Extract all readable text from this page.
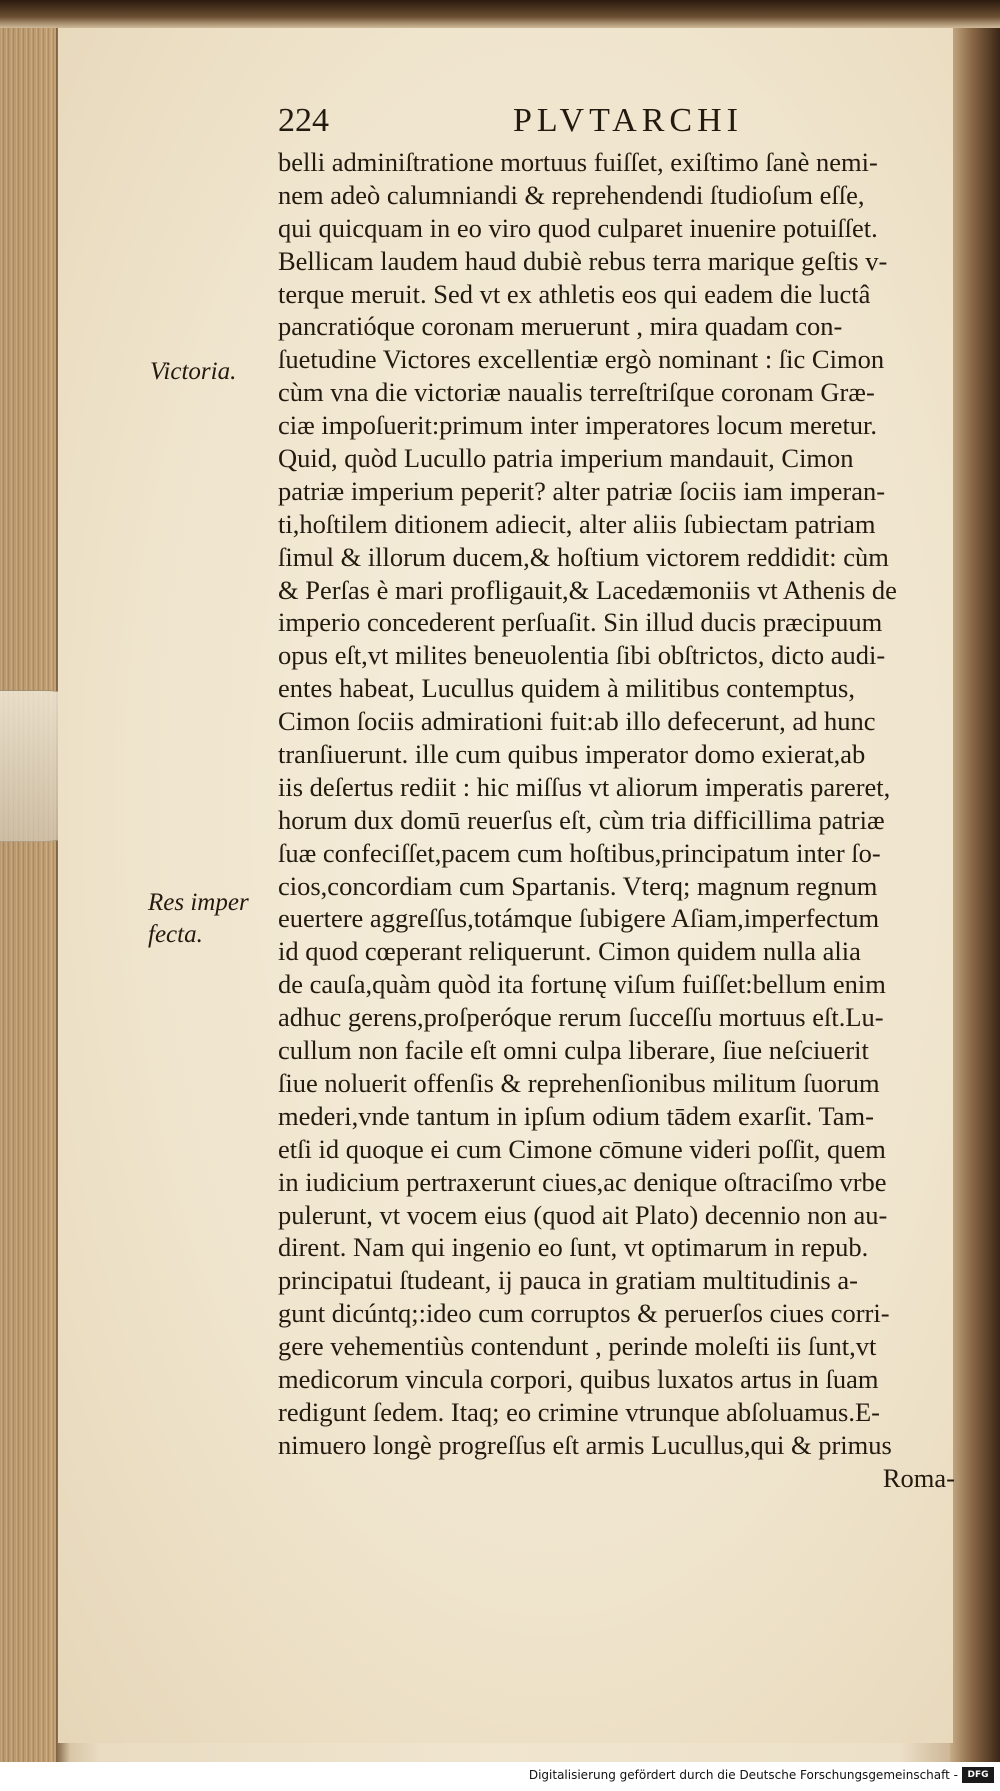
224	PLVTARCHI
Victoria.
Res imper
fecta.
belli adminiſtratione mortuus fuiſſet, exiſtimo ſanè nemi-
nem adeò calumniandi & reprehendendi ſtudioſum eſſe,
qui quicquam in eo viro quod culparet inuenire potuiſſet.
Bellicam laudem haud dubiè rebus terra marique geſtis v-
terque meruit. Sed vt ex athletis eos qui eadem die luctâ
pancratióque coronam meruerunt , mira quadam con-
ſuetudine Victores excellentiæ ergò nominant : ſic Cimon
cùm vna die victoriæ naualis terreſtriſque coronam Græ-
ciæ impoſuerit:primum inter imperatores locum meretur.
Quid, quòd Lucullo patria imperium mandauit, Cimon
patriæ imperium peperit? alter patriæ ſociis iam imperan-
ti,hoſtilem ditionem adiecit, alter aliis ſubiectam patriam
ſimul & illorum ducem,& hoſtium victorem reddidit: cùm
& Perſas è mari profligauit,& Lacedæmoniis vt Athenis de
imperio concederent perſuaſit. Sin illud ducis præcipuum
opus eſt,vt milites beneuolentia ſibi obſtrictos, dicto audi-
entes habeat, Lucullus quidem à militibus contemptus,
Cimon ſociis admirationi fuit:ab illo defecerunt, ad hunc
tranſiuerunt. ille cum quibus imperator domo exierat,ab
iis deſertus rediit : hic miſſus vt aliorum imperatis pareret,
horum dux domū reuerſus eſt, cùm tria difficillima patriæ
ſuæ confeciſſet,pacem cum hoſtibus,principatum inter ſo-
cios,concordiam cum Spartanis. Vterq; magnum regnum
euertere aggreſſus,totámque ſubigere Aſiam,imperfectum
id quod cœperant reliquerunt. Cimon quidem nulla alia
de cauſa,quàm quòd ita fortunę viſum fuiſſet:bellum enim
adhuc gerens,proſperóque rerum ſucceſſu mortuus eſt.Lu-
cullum non facile eſt omni culpa liberare, ſiue neſciuerit
ſiue noluerit offenſis & reprehenſionibus militum ſuorum
mederi,vnde tantum in ipſum odium tādem exarſit. Tam-
etſi id quoque ei cum Cimone cōmune videri poſſit, quem
in iudicium pertraxerunt ciues,ac denique oſtraciſmo vrbe
pulerunt, vt vocem eius (quod ait Plato) decennio non au-
dirent. Nam qui ingenio eo ſunt, vt optimarum in repub.
principatui ſtudeant, ij pauca in gratiam multitudinis a-
gunt dicúntq;:ideo cum corruptos & peruerſos ciues corri-
gere vehementiùs contendunt , perinde moleſti iis ſunt,vt
medicorum vincula corpori, quibus luxatos artus in ſuam
redigunt ſedem. Itaq; eo crimine vtrunque abſoluamus.E-
nimuero longè progreſſus eſt armis Lucullus,qui & primus
Roma-
Digitalisierung gefördert durch die Deutsche Forschungsgemeinschaft -	DFG
